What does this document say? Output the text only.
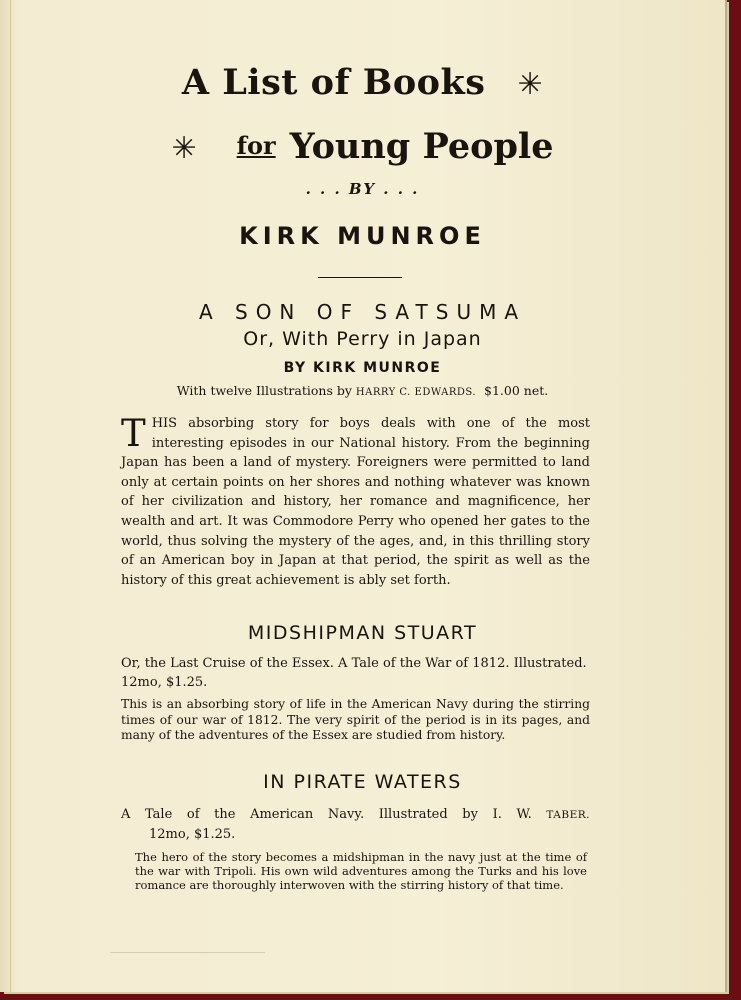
A List of Books ✳
✳ for Young People
. . . BY . . .
KIRK MUNROE
A SON OF SATSUMA
Or, With Perry in Japan
BY KIRK MUNROE
With twelve Illustrations by HARRY C. EDWARDS.  $1.00 net.
THIS absorbing story for boys deals with one of the most interesting episodes in our National history. From the beginning Japan has been a land of mystery. Foreigners were permitted to land only at certain points on her shores and nothing whatever was known of her civilization and history, her romance and magnificence, her wealth and art. It was Commodore Perry who opened her gates to the world, thus solving the mystery of the ages, and, in this thrilling story of an American boy in Japan at that period, the spirit as well as the history of this great achievement is ably set forth.
MIDSHIPMAN STUART
Or, the Last Cruise of the Essex. A Tale of the War of 1812. Illustrated. 12mo, $1.25.
This is an absorbing story of life in the American Navy during the stirring times of our war of 1812. The very spirit of the period is in its pages, and many of the adventures of the Essex are studied from history.
IN PIRATE WATERS
A Tale of the American Navy. Illustrated by I. W. TABER.
12mo, $1.25.
The hero of the story becomes a midshipman in the navy just at the time of the war with Tripoli. His own wild adventures among the Turks and his love romance are thoroughly interwoven with the stirring history of that time.
